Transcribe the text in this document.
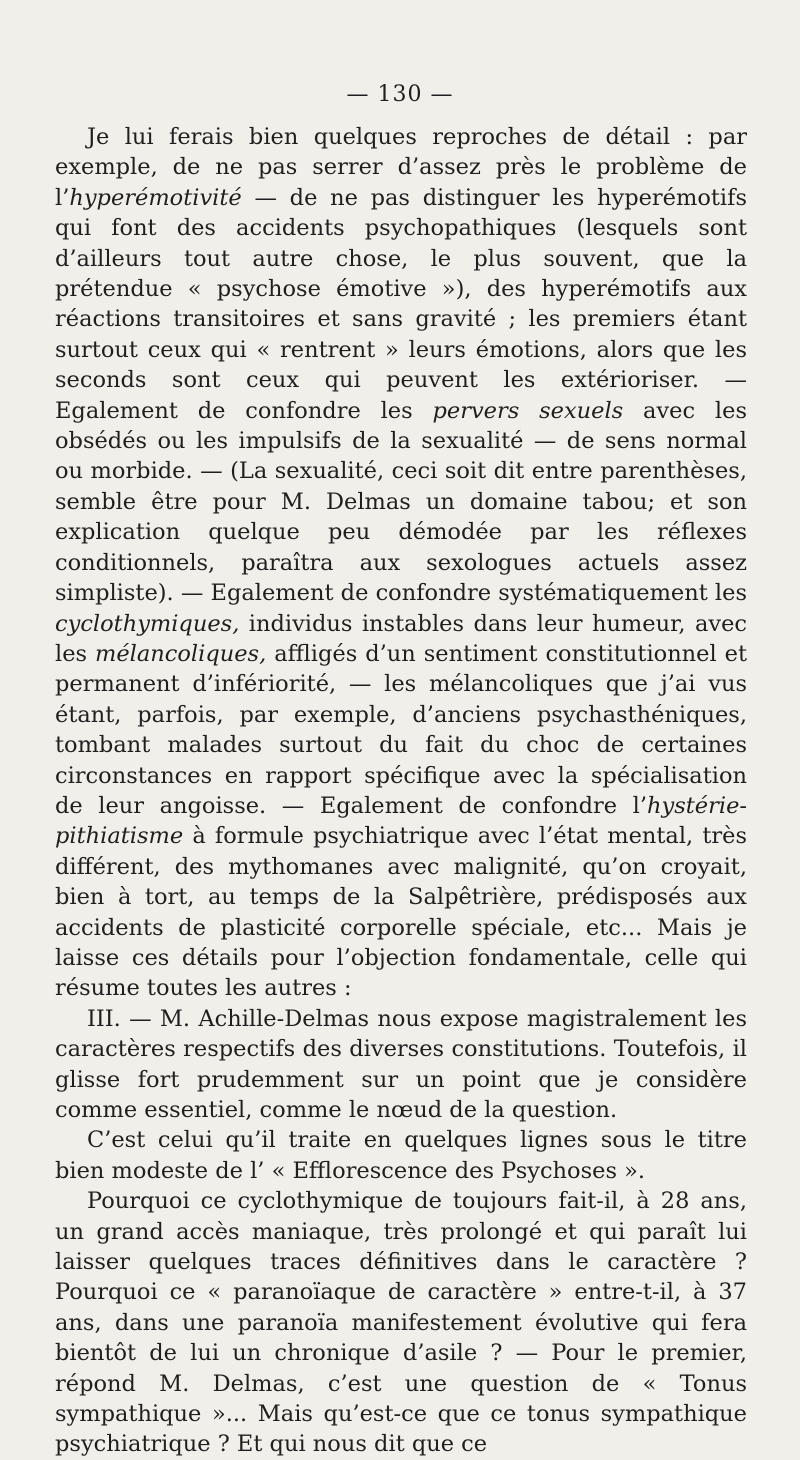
— 130 —

Je lui ferais bien quelques reproches de détail : par exemple, de ne pas serrer d’assez près le problème de l’hyperémotivité — de ne pas distinguer les hyperémotifs qui font des accidents psychopathiques (lesquels sont d’ailleurs tout autre chose, le plus souvent, que la prétendue « psychose émotive »), des hyperémotifs aux réactions transitoires et sans gravité ; les premiers étant surtout ceux qui « rentrent » leurs émotions, alors que les seconds sont ceux qui peuvent les extérioriser. — Egalement de confondre les pervers sexuels avec les obsédés ou les impulsifs de la sexualité — de sens normal ou morbide. — (La sexualité, ceci soit dit entre parenthèses, semble être pour M. Delmas un domaine tabou; et son explication quelque peu démodée par les réflexes conditionnels, paraîtra aux sexologues actuels assez simpliste). — Egalement de confondre systématiquement les cyclothymiques, individus instables dans leur humeur, avec les mélancoliques, affligés d’un sentiment constitutionnel et permanent d’infériorité, — les mélancoliques que j’ai vus étant, parfois, par exemple, d’anciens psychasthéniques, tombant malades surtout du fait du choc de certaines circonstances en rapport spécifique avec la spécialisation de leur angoisse. — Egalement de confondre l’hystérie-pithiatisme à formule psychiatrique avec l’état mental, très différent, des mythomanes avec malignité, qu’on croyait, bien à tort, au temps de la Salpêtrière, prédisposés aux accidents de plasticité corporelle spéciale, etc... Mais je laisse ces détails pour l’objection fondamentale, celle qui résume toutes les autres :

III. — M. Achille-Delmas nous expose magistralement les caractères respectifs des diverses constitutions. Toutefois, il glisse fort prudemment sur un point que je considère comme essentiel, comme le nœud de la question.

C’est celui qu’il traite en quelques lignes sous le titre bien modeste de l’ « Efflorescence des Psychoses ».

Pourquoi ce cyclothymique de toujours fait-il, à 28 ans, un grand accès maniaque, très prolongé et qui paraît lui laisser quelques traces définitives dans le caractère ? Pourquoi ce « paranoïaque de caractère » entre-t-il, à 37 ans, dans une paranoïa manifestement évolutive qui fera bientôt de lui un chronique d’asile ? — Pour le premier, répond M. Delmas, c’est une question de « Tonus sympathique »... Mais qu’est-ce que ce tonus sympathique psychiatrique ? Et qui nous dit que ce
